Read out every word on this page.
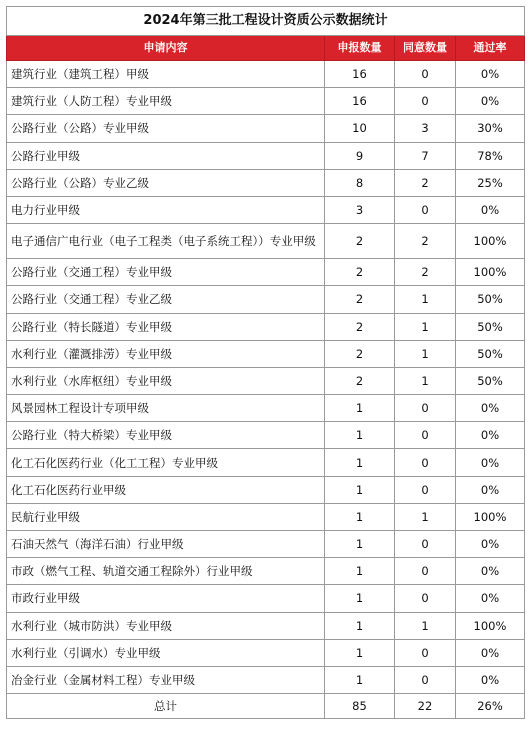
2024年第三批工程设计资质公示数据统计			
申请内容	申报数量	同意数量	通过率
建筑行业（建筑工程）甲级	16	0	0%
建筑行业（人防工程）专业甲级	16	0	0%
公路行业（公路）专业甲级	10	3	30%
公路行业甲级	9	7	78%
公路行业（公路）专业乙级	8	2	25%
电力行业甲级	3	0	0%
电子通信广电行业（电子工程类（电子系统工程））专业甲级	2	2	100%
公路行业（交通工程）专业甲级	2	2	100%
公路行业（交通工程）专业乙级	2	1	50%
公路行业（特长隧道）专业甲级	2	1	50%
水利行业（灌溉排涝）专业甲级	2	1	50%
水利行业（水库枢纽）专业甲级	2	1	50%
风景园林工程设计专项甲级	1	0	0%
公路行业（特大桥梁）专业甲级	1	0	0%
化工石化医药行业（化工工程）专业甲级	1	0	0%
化工石化医药行业甲级	1	0	0%
民航行业甲级	1	1	100%
石油天然气（海洋石油）行业甲级	1	0	0%
市政（燃气工程、轨道交通工程除外）行业甲级	1	0	0%
市政行业甲级	1	0	0%
水利行业（城市防洪）专业甲级	1	1	100%
水利行业（引调水）专业甲级	1	0	0%
冶金行业（金属材料工程）专业甲级	1	0	0%
总计	85	22	26%
